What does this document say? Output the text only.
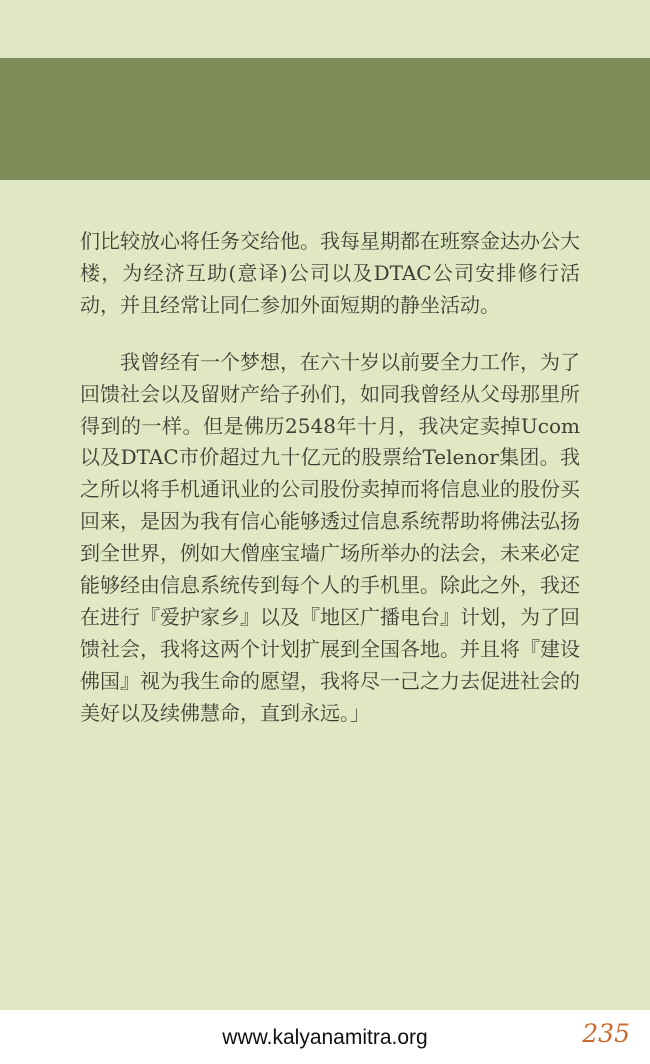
们比较放心将任务交给他。我每星期都在班察金达办公大楼，为经济互助(意译)公司以及DTAC公司安排修行活动，并且经常让同仁参加外面短期的静坐活动。

我曾经有一个梦想，在六十岁以前要全力工作，为了回馈社会以及留财产给子孙们，如同我曾经从父母那里所得到的一样。但是佛历2548年十月，我决定卖掉Ucom以及DTAC市价超过九十亿元的股票给Telenor集团。我之所以将手机通讯业的公司股份卖掉而将信息业的股份买回来，是因为我有信心能够透过信息系统帮助将佛法弘扬到全世界，例如大僧座宝墙广场所举办的法会，未来必定能够经由信息系统传到每个人的手机里。除此之外，我还在进行『爱护家乡』以及『地区广播电台』计划，为了回馈社会，我将这两个计划扩展到全国各地。并且将『建设佛国』视为我生命的愿望，我将尽一己之力去促进社会的美好以及续佛慧命，直到永远。」

www.kalyanamitra.org	235
